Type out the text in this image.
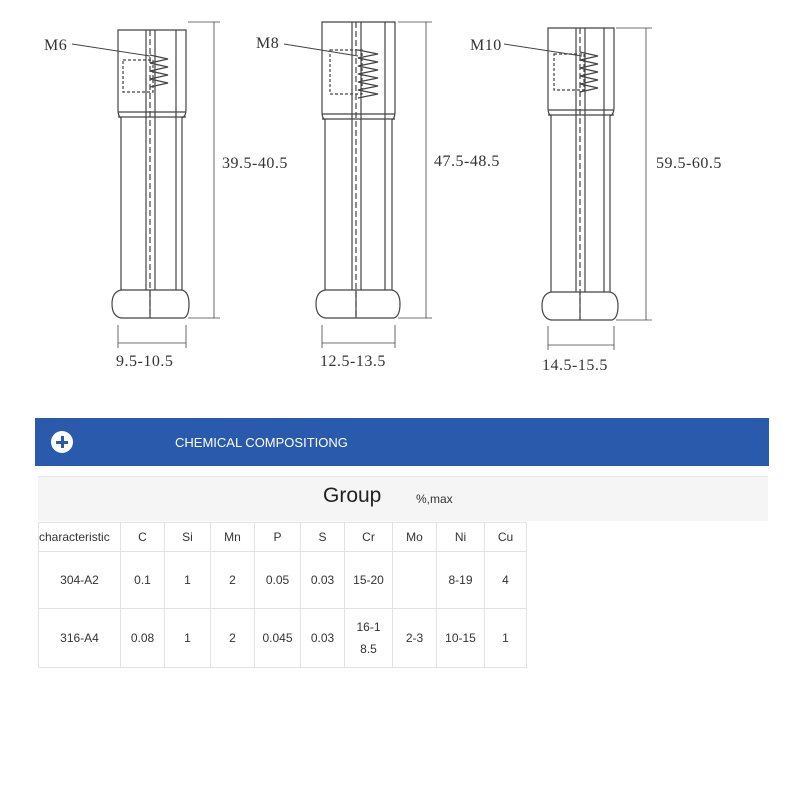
M6
39.5-40.5
9.5-10.5
M8
47.5-48.5
12.5-13.5
M10
59.5-60.5
14.5-15.5
CHEMICAL COMPOSITIONG
Group	%,max
characteristic	C	Si	Mn	P	S	Cr	Mo	Ni	Cu
304-A2	0.1	1	2	0.05	0.03	15-20		8-19	4
316-A4	0.08	1	2	0.045	0.03	16-18.5	2-3	10-15	1
